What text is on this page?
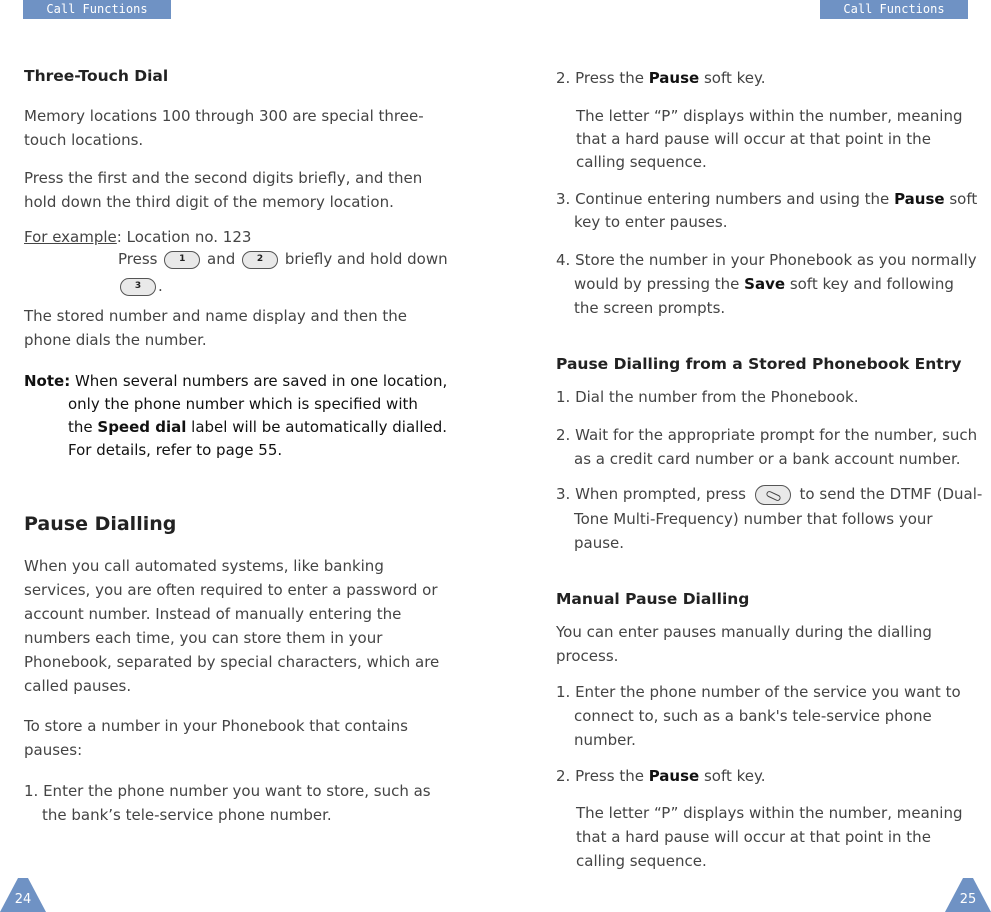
Call Functions	Call Functions
Three-Touch Dial
Memory locations 100 through 300 are special three-
touch locations.
Press the first and the second digits briefly, and then
hold down the third digit of the memory location.
For example: Location no. 123
Press 1 and 2 briefly and hold down
3 .
The stored number and name display and then the
phone dials the number.
Note: When several numbers are saved in one location,
only the phone number which is specified with
the Speed dial label will be automatically dialled.
For details, refer to page 55.
Pause Dialling
When you call automated systems, like banking
services, you are often required to enter a password or
account number. Instead of manually entering the
numbers each time, you can store them in your
Phonebook, separated by special characters, which are
called pauses.
To store a number in your Phonebook that contains
pauses:
1. Enter the phone number you want to store, such as
the bank’s tele-service phone number.
2. Press the Pause soft key.
The letter “P” displays within the number, meaning
that a hard pause will occur at that point in the
calling sequence.
3. Continue entering numbers and using the Pause soft
key to enter pauses.
4. Store the number in your Phonebook as you normally
would by pressing the Save soft key and following
the screen prompts.
Pause Dialling from a Stored Phonebook Entry
1. Dial the number from the Phonebook.
2. Wait for the appropriate prompt for the number, such
as a credit card number or a bank account number.
3. When prompted, press	to send the DTMF (Dual-
Tone Multi-Frequency) number that follows your
pause.
Manual Pause Dialling
You can enter pauses manually during the dialling
process.
1. Enter the phone number of the service you want to
connect to, such as a bank's tele-service phone
number.
2. Press the Pause soft key.
The letter “P” displays within the number, meaning
that a hard pause will occur at that point in the
calling sequence.
24	25
